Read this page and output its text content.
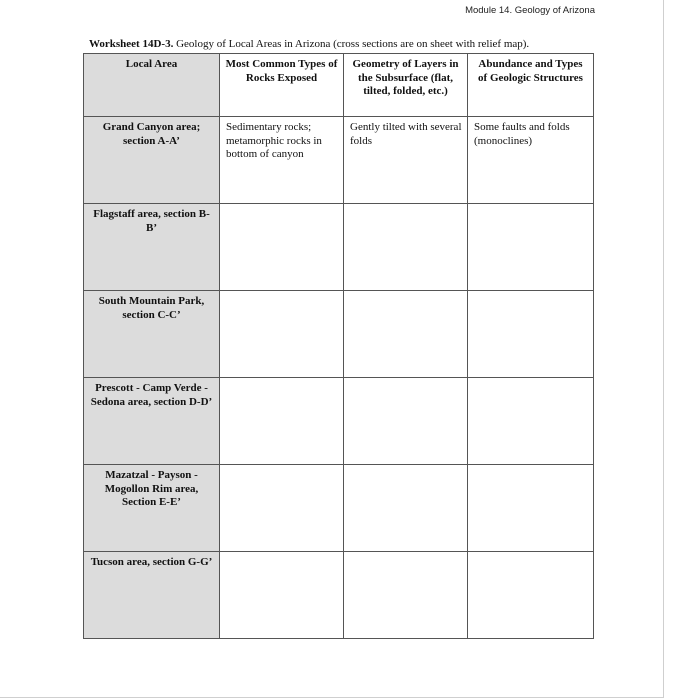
Module 14. Geology of Arizona
Worksheet 14D-3. Geology of Local Areas in Arizona (cross sections are on sheet with relief map).
Local Area	Most Common Types of Rocks Exposed	Geometry of Layers in the Subsurface (flat, tilted, folded, etc.)	Abundance and Types of Geologic Structures
Grand Canyon area; section A-A’	Sedimentary rocks; metamorphic rocks in bottom of canyon	Gently tilted with several folds	Some faults and folds (monoclines)
Flagstaff area, section B-B’			
South Mountain Park, section C-C’			
Prescott - Camp Verde - Sedona area, section D-D’			
Mazatzal - Payson - Mogollon Rim area, Section E-E’			
Tucson area, section G-G’			
